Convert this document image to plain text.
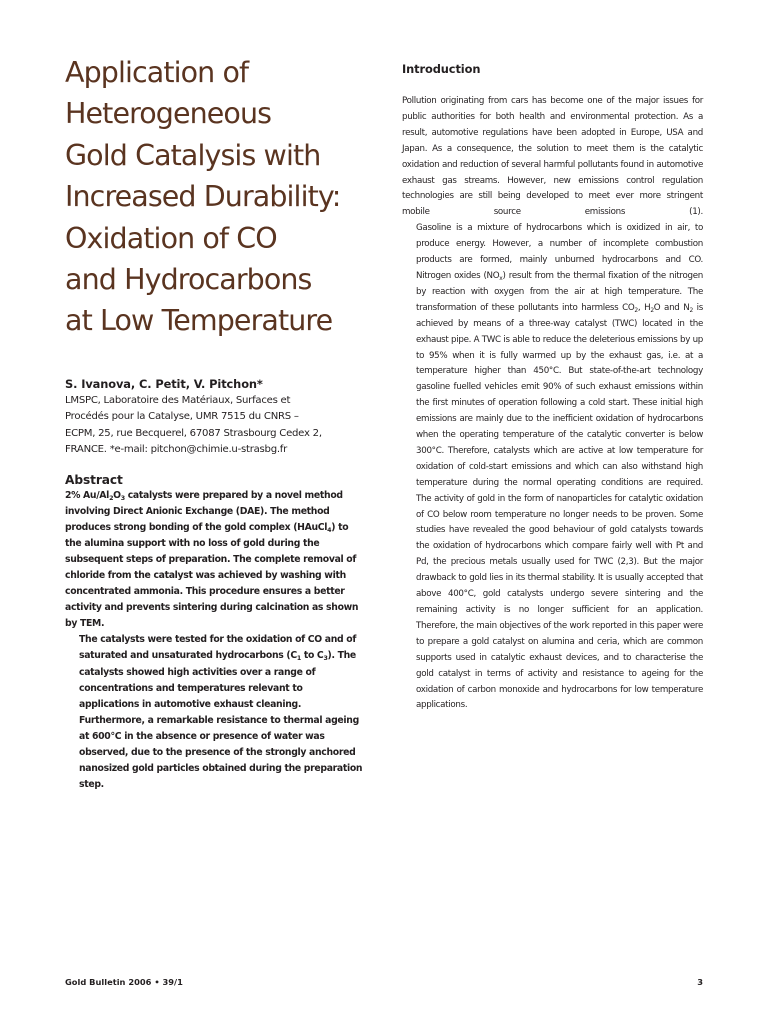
Application of
Heterogeneous
Gold Catalysis with
Increased Durability:
Oxidation of CO
and Hydrocarbons
at Low Temperature

S. Ivanova, C. Petit, V. Pitchon*

LMSPC, Laboratoire des Matériaux, Surfaces et
Procédés pour la Catalyse, UMR 7515 du CNRS –
ECPM, 25, rue Becquerel, 67087 Strasbourg Cedex 2,
FRANCE. *e-mail: pitchon@chimie.u-strasbg.fr

Abstract

2% $Au/Al_2O_3$ catalysts were prepared by a novel method involving Direct Anionic Exchange (DAE). The method produces strong bonding of the gold complex (HAuCl$_4$) to the alumina support with no loss of gold during the subsequent steps of preparation. The complete removal of chloride from the catalyst was achieved by washing with concentrated ammonia. This procedure ensures a better activity and prevents sintering during calcination as shown by TEM.

The catalysts were tested for the oxidation of CO and of saturated and unsaturated hydrocarbons ($C_1$ to $C_3$). The catalysts showed high activities over a range of concentrations and temperatures relevant to applications in automotive exhaust cleaning. Furthermore, a remarkable resistance to thermal ageing at 600°C in the absence or presence of water was observed, due to the presence of the strongly anchored nanosized gold particles obtained during the preparation step.

Introduction

Pollution originating from cars has become one of the major issues for public authorities for both health and environmental protection. As a result, automotive regulations have been adopted in Europe, USA and Japan. As a consequence, the solution to meet them is the catalytic oxidation and reduction of several harmful pollutants found in automotive exhaust gas streams. However, new emissions control regulation technologies are still being developed to meet ever more stringent mobile source emissions (1).

Gasoline is a mixture of hydrocarbons which is oxidized in air, to produce energy. However, a number of incomplete combustion products are formed, mainly unburned hydrocarbons and CO. Nitrogen oxides $(NO_x)$ result from the thermal fixation of the nitrogen by reaction with oxygen from the air at high temperature. The transformation of these pollutants into harmless $CO_2$, $H_2O$ and $N_2$ is achieved by means of a three-way catalyst (TWC) located in the exhaust pipe. A TWC is able to reduce the deleterious emissions by up to 95% when it is fully warmed up by the exhaust gas, i.e. at a temperature higher than 450°C. But state-of-the-art technology gasoline fuelled vehicles emit 90% of such exhaust emissions within the first minutes of operation following a cold start. These initial high emissions are mainly due to the inefficient oxidation of hydrocarbons when the operating temperature of the catalytic converter is below 300°C. Therefore, catalysts which are active at low temperature for oxidation of cold-start emissions and which can also withstand high temperature during the normal operating conditions are required.

The activity of gold in the form of nanoparticles for catalytic oxidation of CO below room temperature no longer needs to be proven. Some studies have revealed the good behaviour of gold catalysts towards the oxidation of hydrocarbons which compare fairly well with Pt and Pd, the precious metals usually used for TWC (2,3). But the major drawback to gold lies in its thermal stability. It is usually accepted that above 400°C, gold catalysts undergo severe sintering and the remaining activity is no longer sufficient for an application.

Therefore, the main objectives of the work reported in this paper were to prepare a gold catalyst on alumina and ceria, which are common supports used in catalytic exhaust devices, and to characterise the gold catalyst in terms of activity and resistance to ageing for the oxidation of carbon monoxide and hydrocarbons for low temperature applications.

Gold Bulletin 2006 • 39/1	3
